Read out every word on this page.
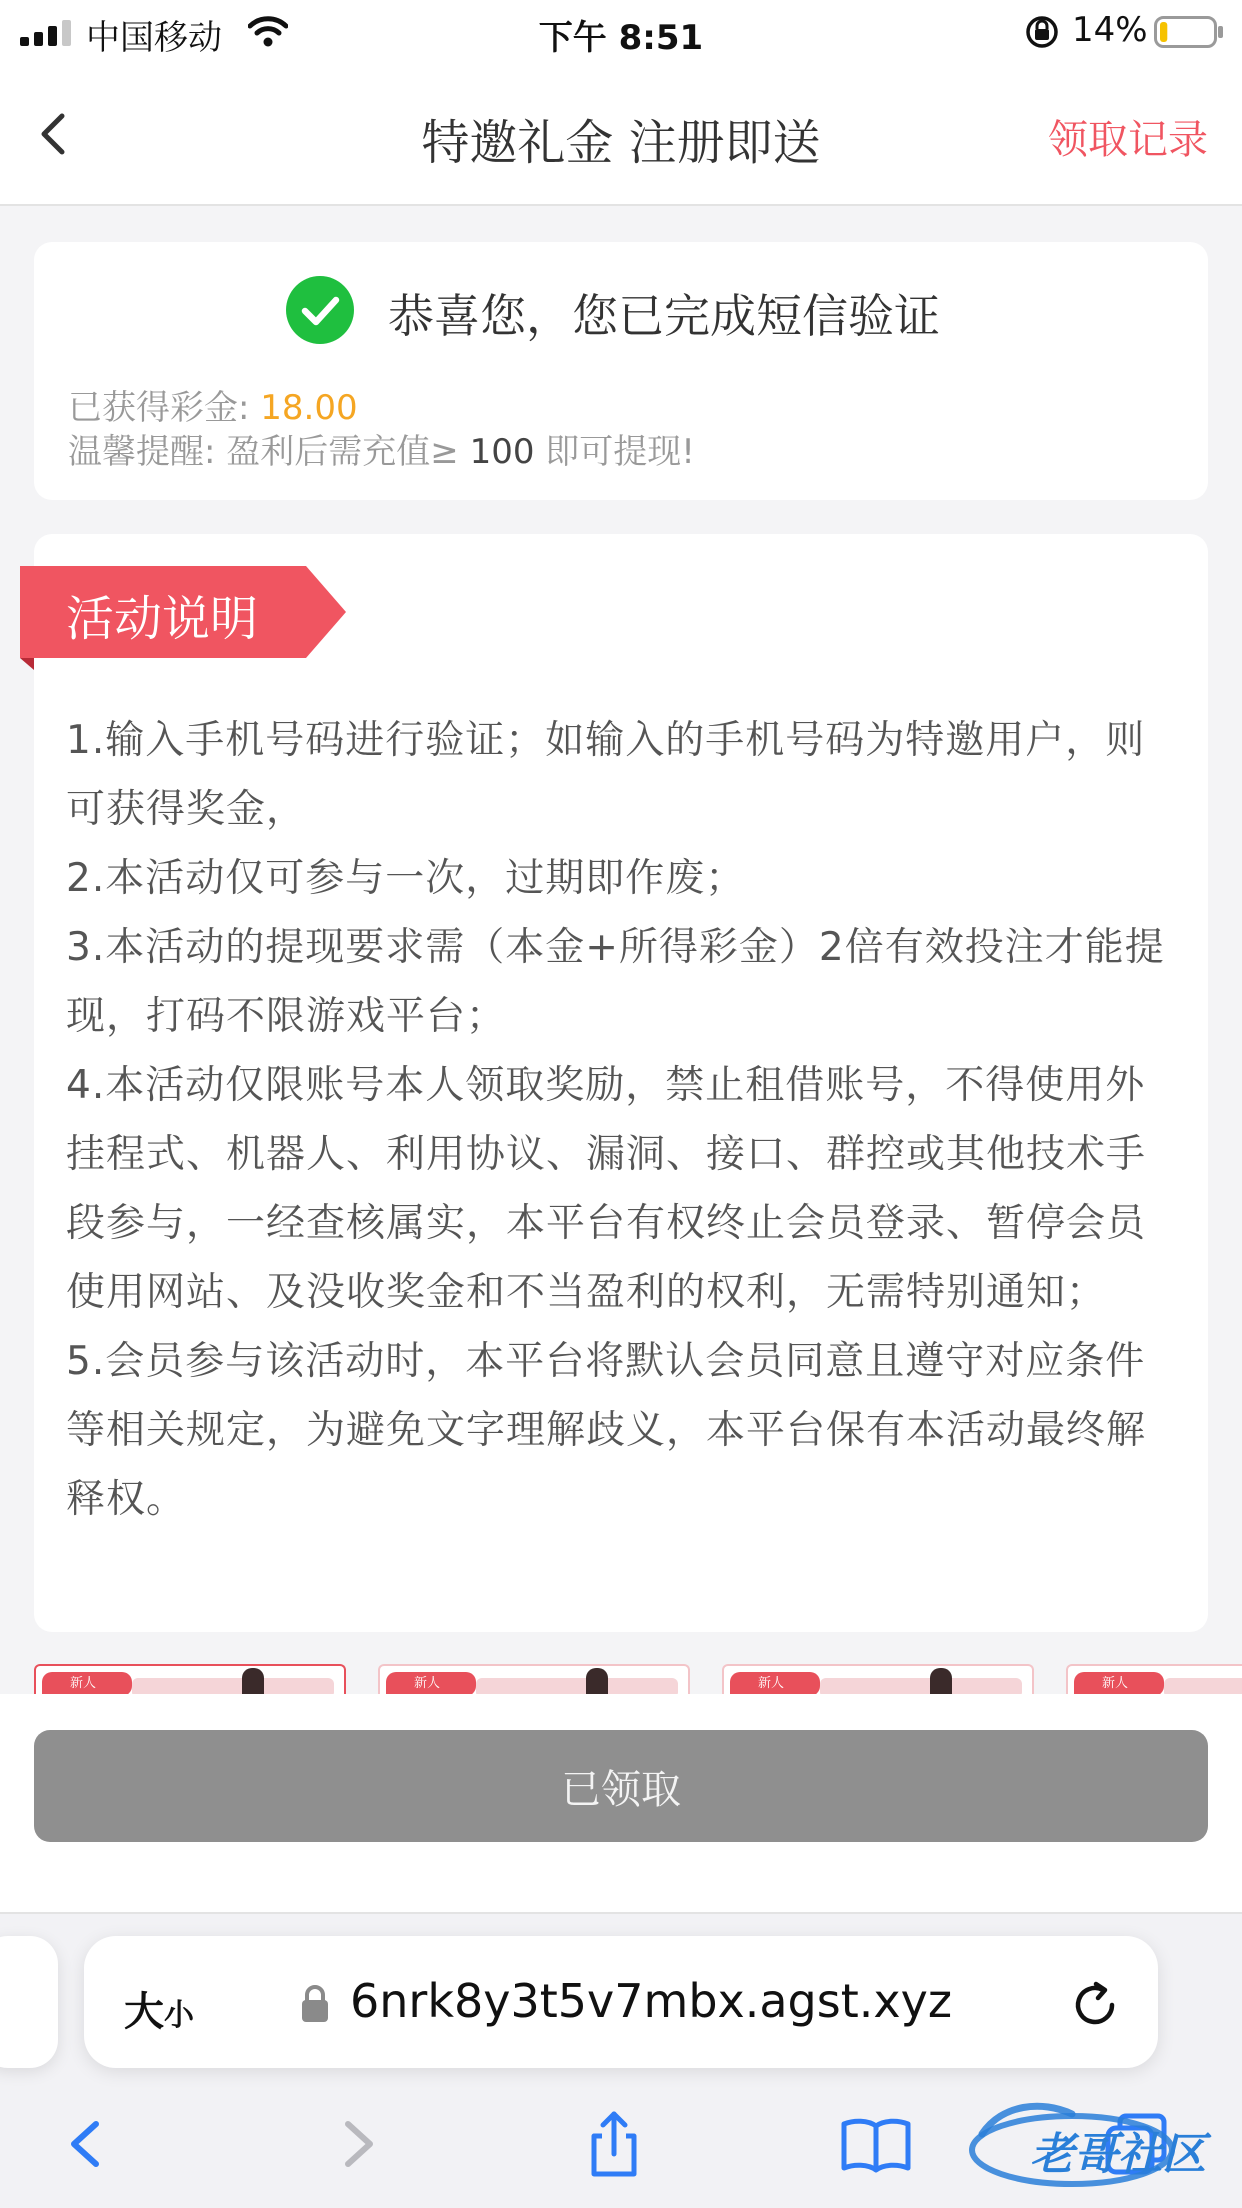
中国移动	下午 8:51	14%
特邀礼金 注册即送	领取记录
恭喜您，您已完成短信验证
已获得彩金: 18.00
温馨提醒: 盈利后需充值≥ 100 即可提现!
活动说明
1.输入手机号码进行验证；如输入的手机号码为特邀用户，则可获得奖金，
2.本活动仅可参与一次，过期即作废；
3.本活动的提现要求需（本金+所得彩金）2倍有效投注才能提现，打码不限游戏平台；
4.本活动仅限账号本人领取奖励，禁止租借账号，不得使用外挂程式、机器人、利用协议、漏洞、接口、群控或其他技术手段参与，一经查核属实，本平台有权终止会员登录、暂停会员使用网站、及没收奖金和不当盈利的权利，无需特别通知；
5.会员参与该活动时，本平台将默认会员同意且遵守对应条件等相关规定，为避免文字理解歧义，本平台保有本活动最终解释权。
新人	新人	新人	新人
已领取
大小	6nrk8y3t5v7mbx.agst.xyz
老哥社区
